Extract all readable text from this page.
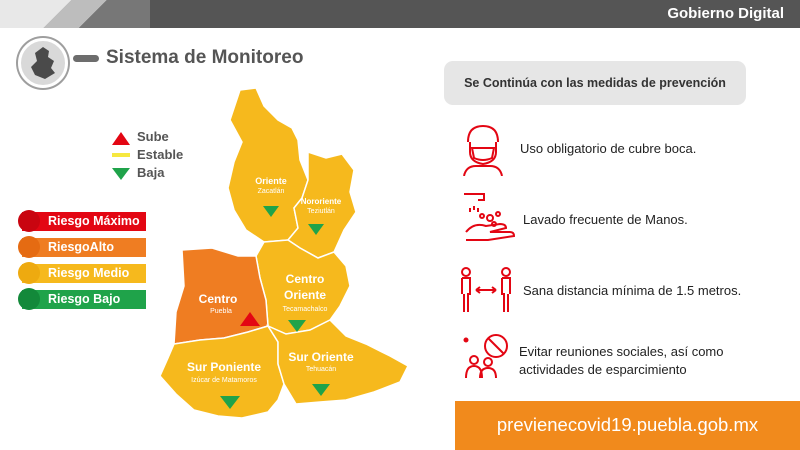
Gobierno Digital
Sistema de Monitoreo
Sube
Estable
Baja
Riesgo Máximo
RiesgoAlto
Riesgo Medio
Riesgo Bajo
Oriente
Zacatlán
Nororiente
Teziutlán
Centro
Oriente
Tecamachalco
Centro
Puebla
Sur Poniente
Izúcar de Matamoros
Sur Oriente
Tehuacán
Se Continúa con las medidas de prevención
Uso obligatorio de cubre boca.
Lavado frecuente de Manos.
Sana distancia mínima de 1.5 metros.
Evitar reuniones sociales, así como
actividades de esparcimiento
previenecovid19.puebla.gob.mx
